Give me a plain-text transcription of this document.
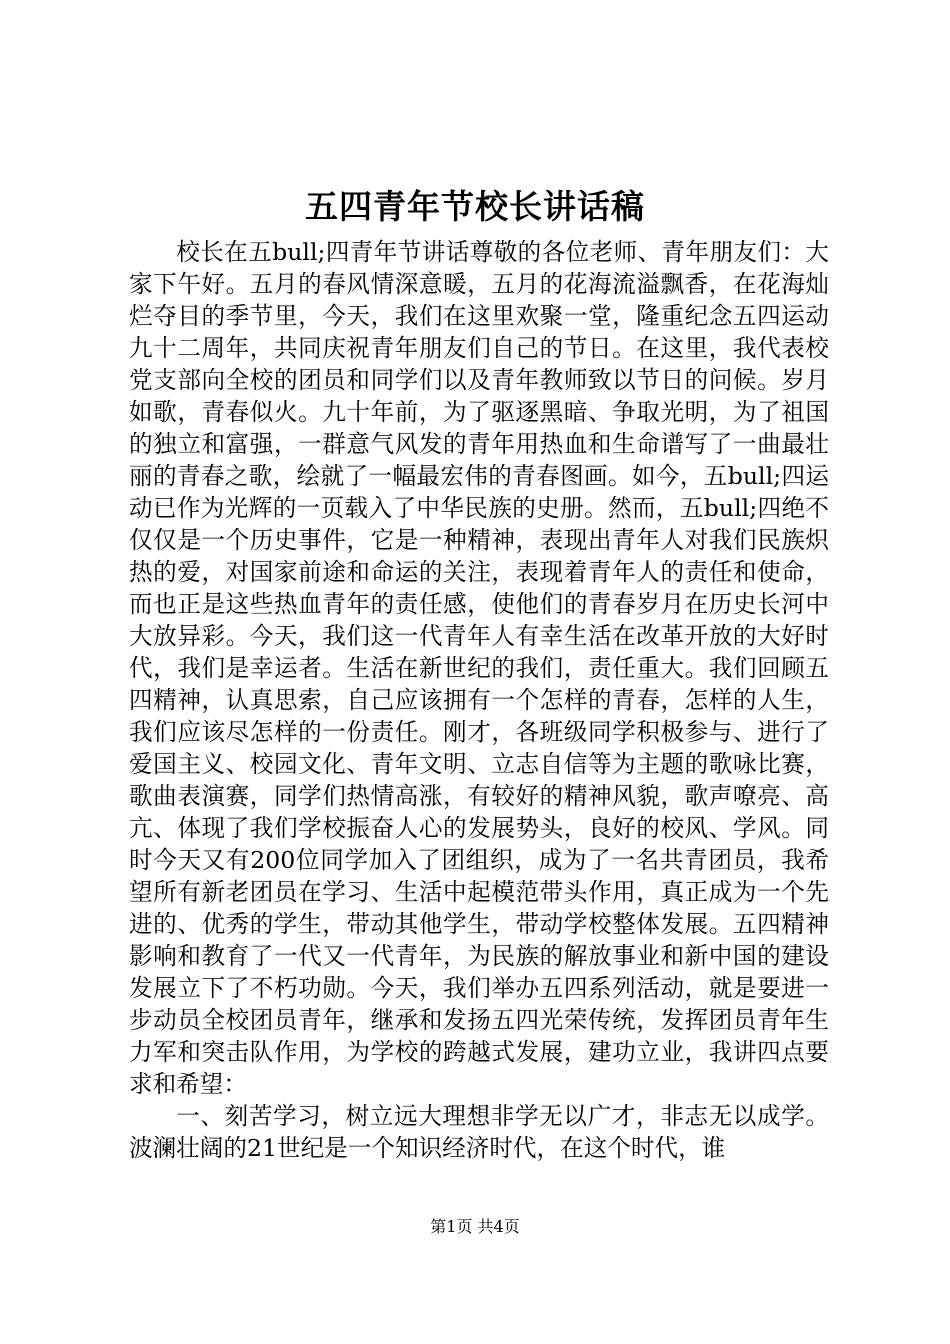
五四青年节校长讲话稿

校长在五bull;四青年节讲话尊敬的各位老师、青年朋友们：大家下午好。五月的春风情深意暖，五月的花海流溢飘香，在花海灿烂夺目的季节里，今天，我们在这里欢聚一堂，隆重纪念五四运动九十二周年，共同庆祝青年朋友们自己的节日。在这里，我代表校党支部向全校的团员和同学们以及青年教师致以节日的问候。岁月如歌，青春似火。九十年前，为了驱逐黑暗、争取光明，为了祖国的独立和富强，一群意气风发的青年用热血和生命谱写了一曲最壮丽的青春之歌，绘就了一幅最宏伟的青春图画。如今，五bull;四运动已作为光辉的一页载入了中华民族的史册。然而，五bull;四绝不仅仅是一个历史事件，它是一种精神，表现出青年人对我们民族炽热的爱，对国家前途和命运的关注，表现着青年人的责任和使命，而也正是这些热血青年的责任感，使他们的青春岁月在历史长河中大放异彩。今天，我们这一代青年人有幸生活在改革开放的大好时代，我们是幸运者。生活在新世纪的我们，责任重大。我们回顾五四精神，认真思索，自己应该拥有一个怎样的青春，怎样的人生，我们应该尽怎样的一份责任。刚才，各班级同学积极参与、进行了爱国主义、校园文化、青年文明、立志自信等为主题的歌咏比赛，歌曲表演赛，同学们热情高涨，有较好的精神风貌，歌声嘹亮、高亢、体现了我们学校振奋人心的发展势头，良好的校风、学风。同时今天又有200位同学加入了团组织，成为了一名共青团员，我希望所有新老团员在学习、生活中起模范带头作用，真正成为一个先进的、优秀的学生，带动其他学生，带动学校整体发展。五四精神影响和教育了一代又一代青年，为民族的解放事业和新中国的建设发展立下了不朽功勋。今天，我们举办五四系列活动，就是要进一步动员全校团员青年，继承和发扬五四光荣传统，发挥团员青年生力军和突击队作用，为学校的跨越式发展，建功立业，我讲四点要求和希望：

一、刻苦学习，树立远大理想非学无以广才，非志无以成学。波澜壮阔的21世纪是一个知识经济时代，在这个时代，谁

第1页 共4页
